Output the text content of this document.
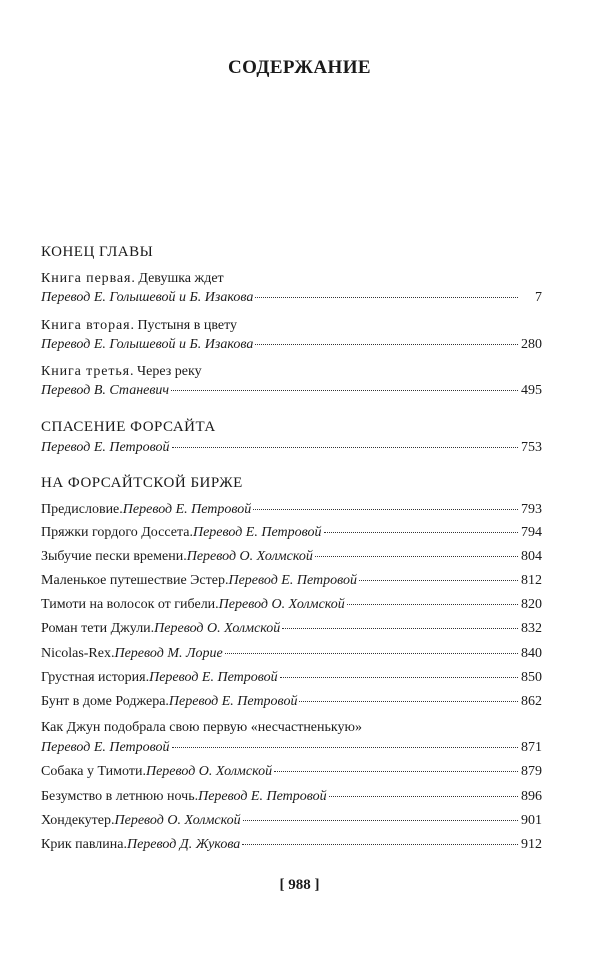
СОДЕРЖАНИЕ
КОНЕЦ ГЛАВЫ
Книга первая. Девушка ждет
Перевод Е. Голышевой и Б. Изакова	7
Книга вторая. Пустыня в цвету
Перевод Е. Голышевой и Б. Изакова	280
Книга третья. Через реку
Перевод В. Станевич	495
СПАСЕНИЕ ФОРСАЙТА
Перевод Е. Петровой	753
НА ФОРСАЙТСКОЙ БИРЖЕ
Предисловие. Перевод Е. Петровой	793
Пряжки гордого Доссета. Перевод Е. Петровой	794
Зыбучие пески времени. Перевод О. Холмской	804
Маленькое путешествие Эстер. Перевод Е. Петровой	812
Тимоти на волосок от гибели. Перевод О. Холмской	820
Роман тети Джули. Перевод О. Холмской	832
Nicolas-Rex. Перевод М. Лорие	840
Грустная история. Перевод Е. Петровой	850
Бунт в доме Роджера. Перевод Е. Петровой	862
Как Джун подобрала свою первую «несчастненькую»
Перевод Е. Петровой	871
Собака у Тимоти. Перевод О. Холмской	879
Безумство в летнюю ночь. Перевод Е. Петровой	896
Хондекутер. Перевод О. Холмской	901
Крик павлина. Перевод Д. Жукова	912
[ 988 ]
